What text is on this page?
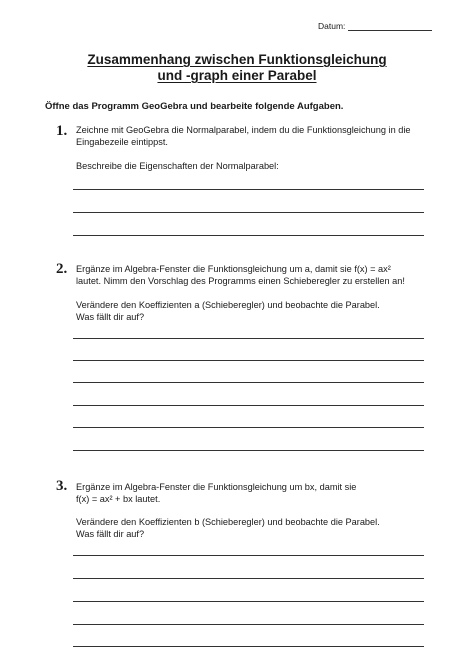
Datum:
Zusammenhang zwischen Funktionsgleichung
und -graph einer Parabel
Öffne das Programm GeoGebra und bearbeite folgende Aufgaben.
1. Zeichne mit GeoGebra die Normalparabel, indem du die Funktionsgleichung in die
Eingabezeile eintippst.
Beschreibe die Eigenschaften der Normalparabel:
2. Ergänze im Algebra-Fenster die Funktionsgleichung um a, damit sie f(x) = ax²
lautet. Nimm den Vorschlag des Programms einen Schieberegler zu erstellen an!
Verändere den Koeffizienten a (Schieberegler) und beobachte die Parabel.
Was fällt dir auf?
3. Ergänze im Algebra-Fenster die Funktionsgleichung um bx, damit sie
f(x) = ax² + bx lautet.
Verändere den Koeffizienten b (Schieberegler) und beobachte die Parabel.
Was fällt dir auf?
